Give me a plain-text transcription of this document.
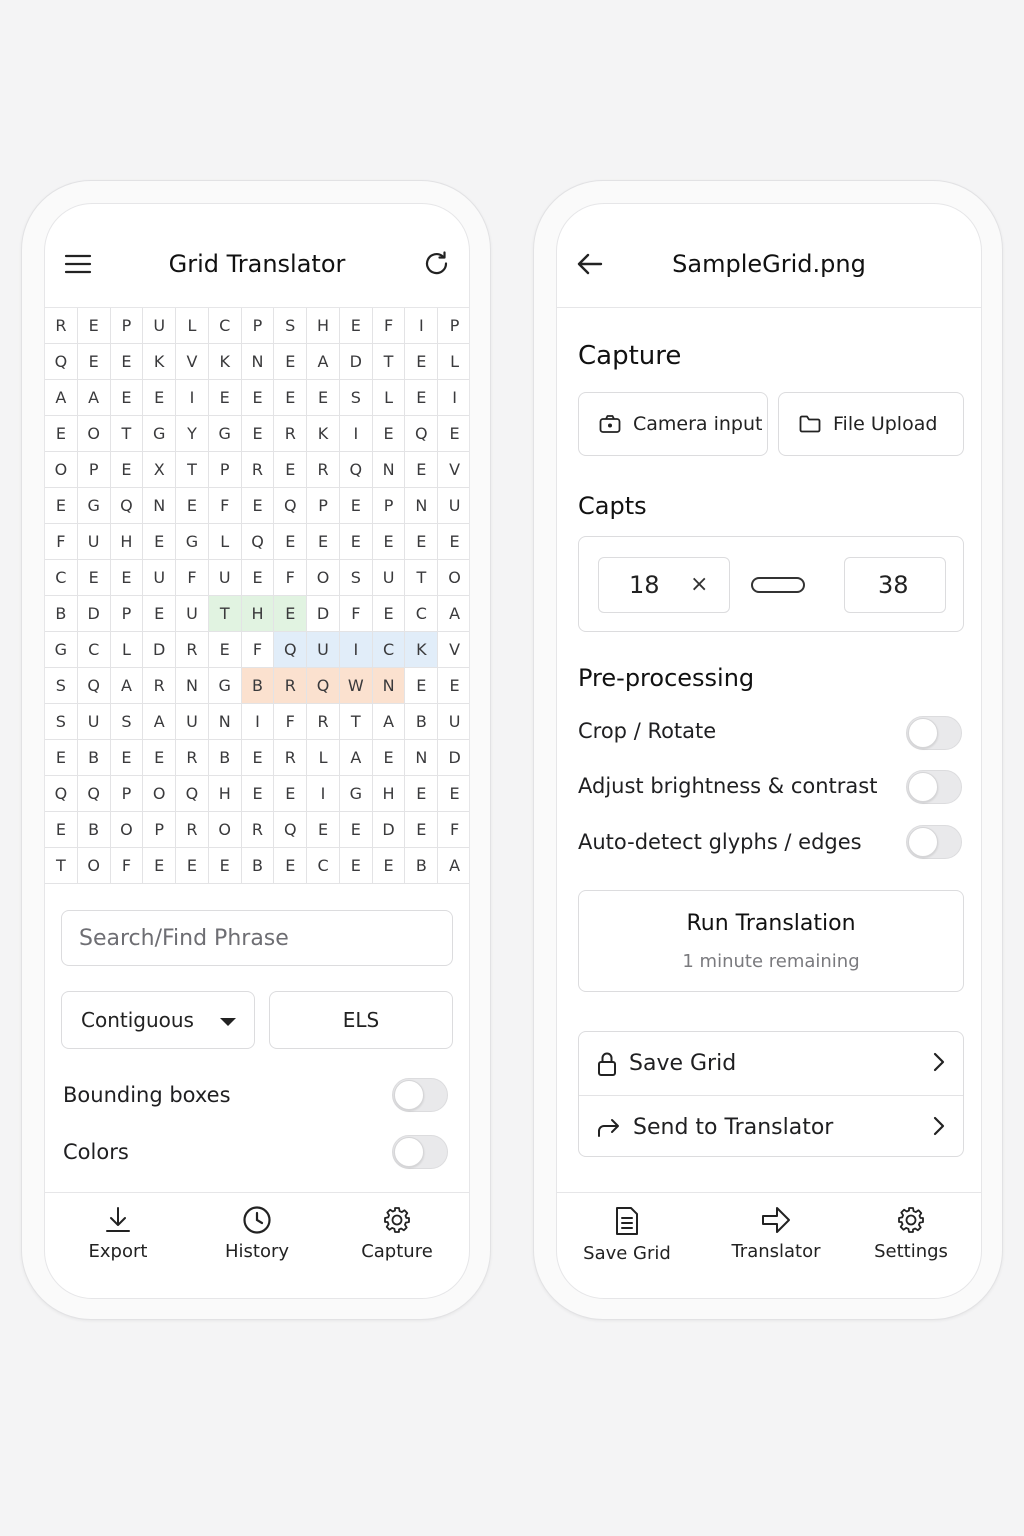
Grid Translator
R	E	P	U	L	C	P	S	H	E	F	I	P
Q	E	E	K	V	K	N	E	A	D	T	E	L
A	A	E	E	I	E	E	E	E	S	L	E	I
E	O	T	G	Y	G	E	R	K	I	E	Q	E
O	P	E	X	T	P	R	E	R	Q	N	E	V
E	G	Q	N	E	F	E	Q	P	E	P	N	U
F	U	H	E	G	L	Q	E	E	E	E	E	E
C	E	E	U	F	U	E	F	O	S	U	T	O
B	D	P	E	U	T	H	E	D	F	E	C	A
G	C	L	D	R	E	F	Q	U	I	C	K	V
S	Q	A	R	N	G	B	R	Q	W	N	E	E
S	U	S	A	U	N	I	F	R	T	A	B	U
E	B	E	E	R	B	E	R	L	A	E	N	D
Q	Q	P	O	Q	H	E	E	I	G	H	E	E
E	B	O	P	R	O	R	Q	E	E	D	E	F
T	O	F	E	E	E	B	E	C	E	E	B	A
Search/Find Phrase
Contiguous	ELS
Bounding boxes
Colors
Export	History	Capture
SampleGrid.png
Capture
Camera input	File Upload
Capts
18 ×	38
Pre-processing
Crop / Rotate
Adjust brightness & contrast
Auto-detect glyphs / edges
Run Translation
1 minute remaining
Save Grid
Send to Translator
Save Grid	Translator	Settings
